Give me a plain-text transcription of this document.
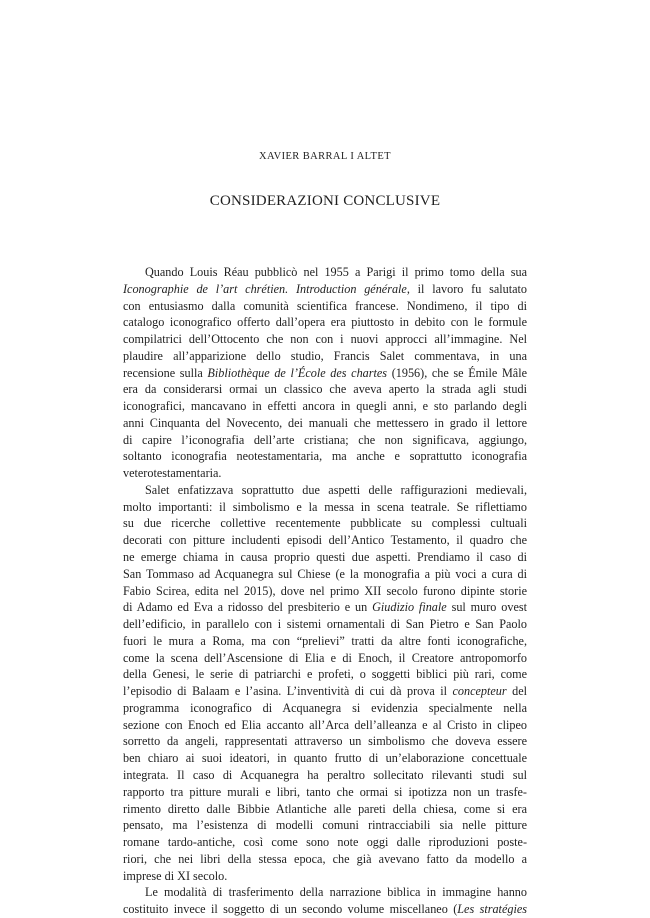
XAVIER BARRAL I ALTET
CONSIDERAZIONI CONCLUSIVE
Quando Louis Réau pubblicò nel 1955 a Parigi il primo tomo della sua
Iconographie de l’art chrétien. Introduction générale, il lavoro fu salutato
con entusiasmo dalla comunità scientifica francese. Nondimeno, il tipo di
catalogo iconografico offerto dall’opera era piuttosto in debito con le formule
compilatrici dell’Ottocento che non con i nuovi approcci all’immagine. Nel
plaudire all’apparizione dello studio, Francis Salet commentava, in una
recensione sulla Bibliothèque de l’École des chartes (1956), che se Émile Mâle
era da considerarsi ormai un classico che aveva aperto la strada agli studi
iconografici, mancavano in effetti ancora in quegli anni, e sto parlando degli
anni Cinquanta del Novecento, dei manuali che mettessero in grado il lettore
di capire l’iconografia dell’arte cristiana; che non significava, aggiungo,
soltanto iconografia neotestamentaria, ma anche e soprattutto iconografia
veterotestamentaria.
Salet enfatizzava soprattutto due aspetti delle raffigurazioni medievali,
molto importanti: il simbolismo e la messa in scena teatrale. Se riflettiamo
su due ricerche collettive recentemente pubblicate su complessi cultuali
decorati con pitture includenti episodi dell’Antico Testamento, il quadro che
ne emerge chiama in causa proprio questi due aspetti. Prendiamo il caso di
San Tommaso ad Acquanegra sul Chiese (e la monografia a più voci a cura di
Fabio Scirea, edita nel 2015), dove nel primo XII secolo furono dipinte storie
di Adamo ed Eva a ridosso del presbiterio e un Giudizio finale sul muro ovest
dell’edificio, in parallelo con i sistemi ornamentali di San Pietro e San Paolo
fuori le mura a Roma, ma con “prelievi” tratti da altre fonti iconografiche,
come la scena dell’Ascensione di Elia e di Enoch, il Creatore antropomorfo
della Genesi, le serie di patriarchi e profeti, o soggetti biblici più rari, come
l’episodio di Balaam e l’asina. L’inventività di cui dà prova il concepteur del
programma iconografico di Acquanegra si evidenzia specialmente nella
sezione con Enoch ed Elia accanto all’Arca dell’alleanza e al Cristo in clipeo
sorretto da angeli, rappresentati attraverso un simbolismo che doveva essere
ben chiaro ai suoi ideatori, in quanto frutto di un’elaborazione concettuale
integrata. Il caso di Acquanegra ha peraltro sollecitato rilevanti studi sul
rapporto tra pitture murali e libri, tanto che ormai si ipotizza non un trasfe-
rimento diretto dalle Bibbie Atlantiche alle pareti della chiesa, come si era
pensato, ma l’esistenza di modelli comuni rintracciabili sia nelle pitture
romane tardo-antiche, così come sono note oggi dalle riproduzioni poste-
riori, che nei libri della stessa epoca, che già avevano fatto da modello a
imprese di XI secolo.
Le modalità di trasferimento della narrazione biblica in immagine hanno
costituito invece il soggetto di un secondo volume miscellaneo (Les stratégies
